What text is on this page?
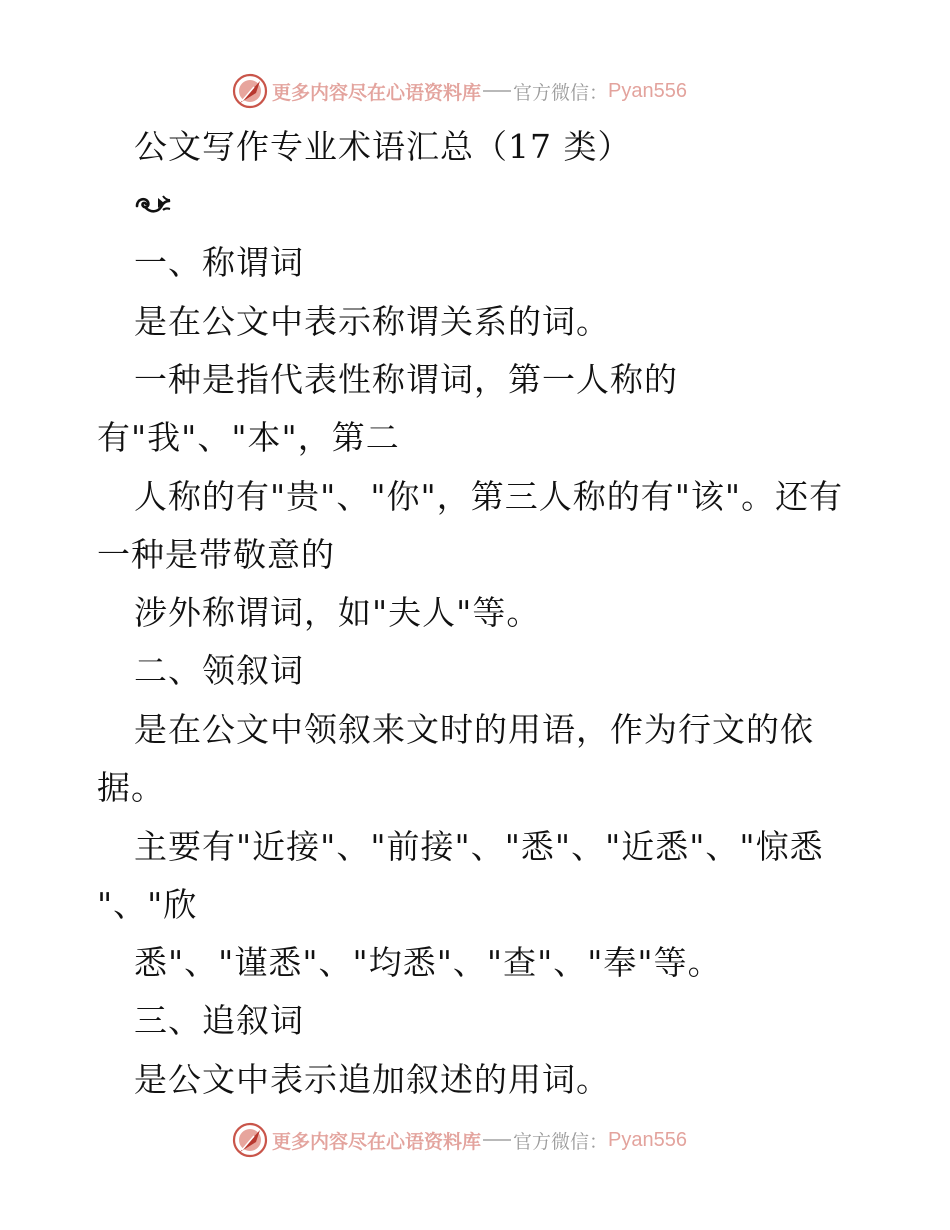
更多内容尽在心语资料库 官方微信： Pyan556
公文写作专业术语汇总（17 类）
一、称谓词
是在公文中表示称谓关系的词。
一种是指代表性称谓词，第一人称的
有"我"、"本"，第二
人称的有"贵"、"你"，第三人称的有"该"。还有
一种是带敬意的
涉外称谓词，如"夫人"等。
二、领叙词
是在公文中领叙来文时的用语，作为行文的依
据。
主要有"近接"、"前接"、"悉"、"近悉"、"惊悉
"、"欣
悉"、"谨悉"、"均悉"、"查"、"奉"等。
三、追叙词
是公文中表示追加叙述的用词。
更多内容尽在心语资料库 官方微信： Pyan556
